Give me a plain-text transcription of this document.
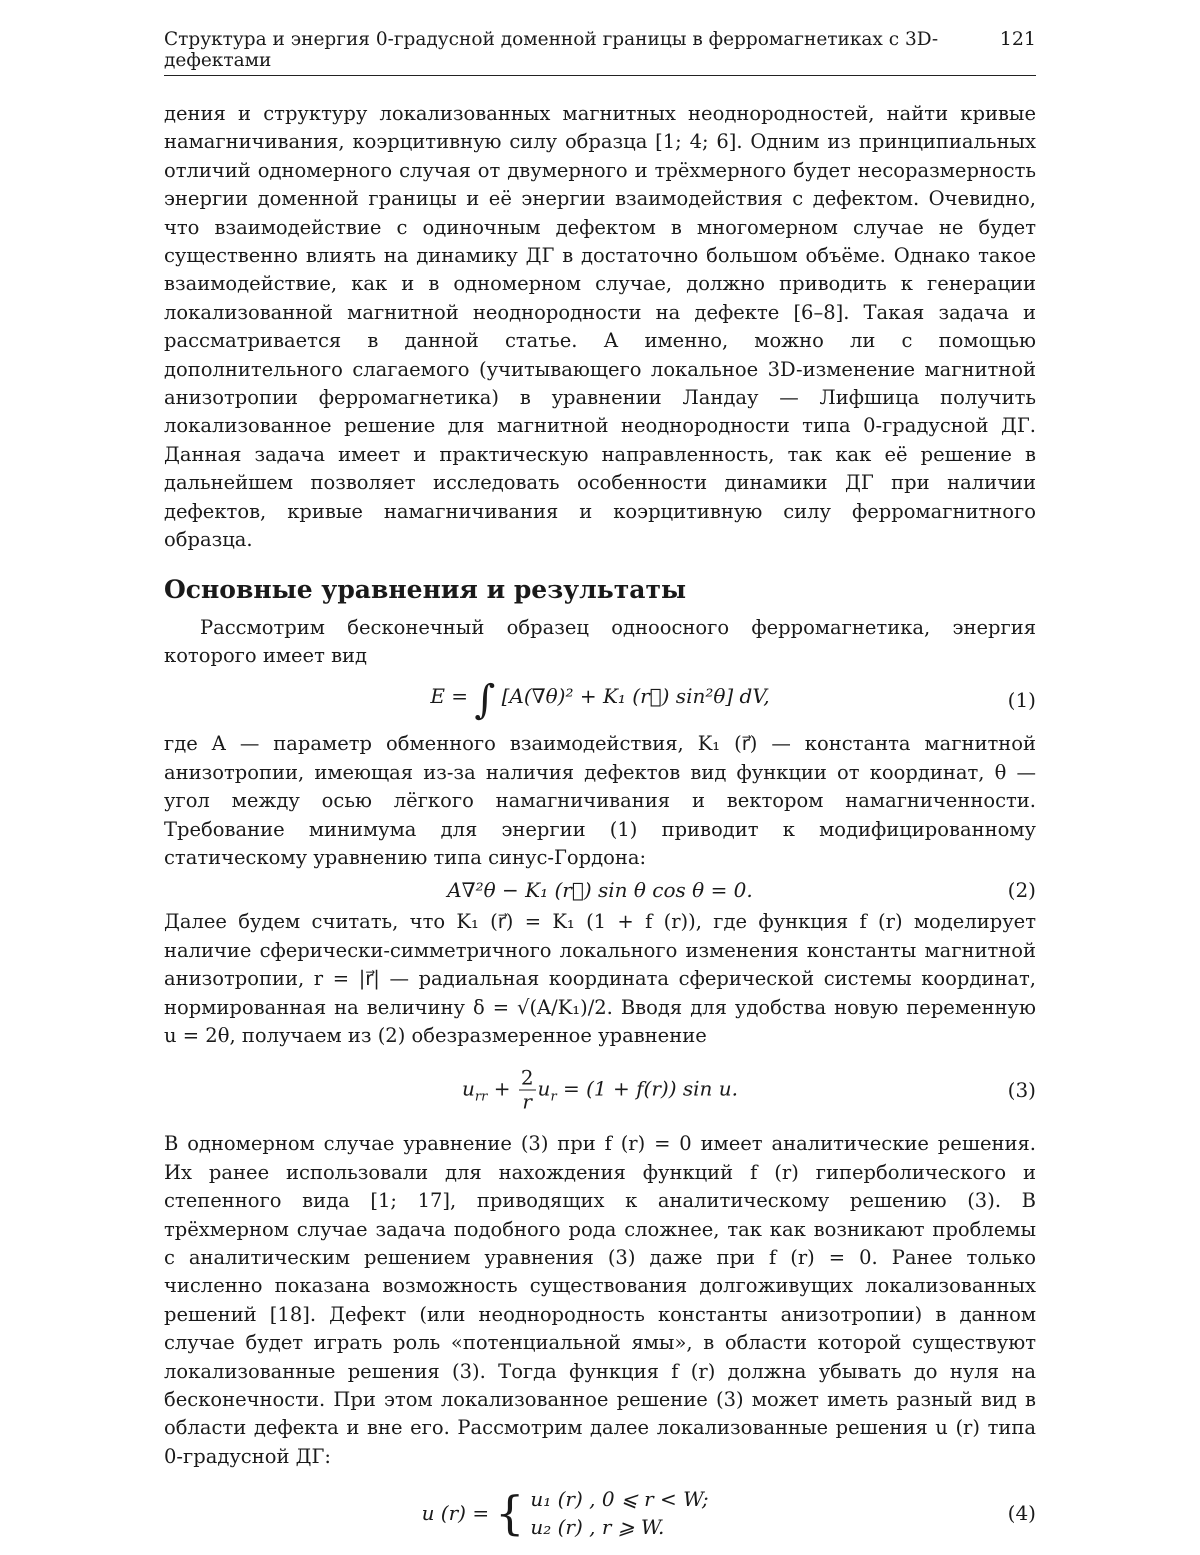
Структура и энергия 0-градусной доменной границы в ферромагнетиках с 3D-дефектами
121

дения и структуру локализованных магнитных неоднородностей, найти кривые намагничивания, коэрцитивную силу образца [1; 4; 6]. Одним из принципиальных отличий одномерного случая от двумерного и трёхмерного будет несоразмерность энергии доменной границы и её энергии взаимодействия с дефектом. Очевидно, что взаимодействие с одиночным дефектом в многомерном случае не будет существенно влиять на динамику ДГ в достаточно большом объёме. Однако такое взаимодействие, как и в одномерном случае, должно приводить к генерации локализованной магнитной неоднородности на дефекте [6–8]. Такая задача и рассматривается в данной статье. А именно, можно ли с помощью дополнительного слагаемого (учитывающего локальное 3D-изменение магнитной анизотропии ферромагнетика) в уравнении Ландау — Лифшица получить локализованное решение для магнитной неоднородности типа 0-градусной ДГ. Данная задача имеет и практическую направленность, так как её решение в дальнейшем позволяет исследовать особенности динамики ДГ при наличии дефектов, кривые намагничивания и коэрцитивную силу ферромагнитного образца.

Основные уравнения и результаты

Рассмотрим бесконечный образец одноосного ферромагнетика, энергия которого имеет вид

E = ∫ [A(∇θ)² + K₁ (r⃗) sin²θ] dV,	(1)

где A — параметр обменного взаимодействия, K₁ (r⃗) — константа магнитной анизотропии, имеющая из-за наличия дефектов вид функции от координат, θ — угол между осью лёгкого намагничивания и вектором намагниченности. Требование минимума для энергии (1) приводит к модифицированному статическому уравнению типа синус-Гордона:

A∇²θ − K₁ (r⃗) sin θ cos θ = 0.	(2)

Далее будем считать, что K₁ (r⃗) = K₁ (1 + f (r)), где функция f (r) моделирует наличие сферически-симметричного локального изменения константы магнитной анизотропии, r = |r⃗| — радиальная координата сферической системы координат, нормированная на величину δ = √(A/K₁)/2. Вводя для удобства новую переменную u = 2θ, получаем из (2) обезразмеренное уравнение

$u_{rr} + \frac{2}{r} u_r = (1 + f(r))$ sin u.	(3)

В одномерном случае уравнение (3) при f (r) = 0 имеет аналитические решения. Их ранее использовали для нахождения функций f (r) гиперболического и степенного вида [1; 17], приводящих к аналитическому решению (3). В трёхмерном случае задача подобного рода сложнее, так как возникают проблемы с аналитическим решением уравнения (3) даже при f (r) = 0. Ранее только численно показана возможность существования долгоживущих локализованных решений [18]. Дефект (или неоднородность константы анизотропии) в данном случае будет играть роль «потенциальной ямы», в области которой существуют локализованные решения (3). Тогда функция f (r) должна убывать до нуля на бесконечности. При этом локализованное решение (3) может иметь разный вид в области дефекта и вне его. Рассмотрим далее локализованные решения u (r) типа 0-градусной ДГ:

u (r) = { u₁ (r) , 0 ⩽ r < W;
u₂ (r) , r ⩾ W.
(4)
